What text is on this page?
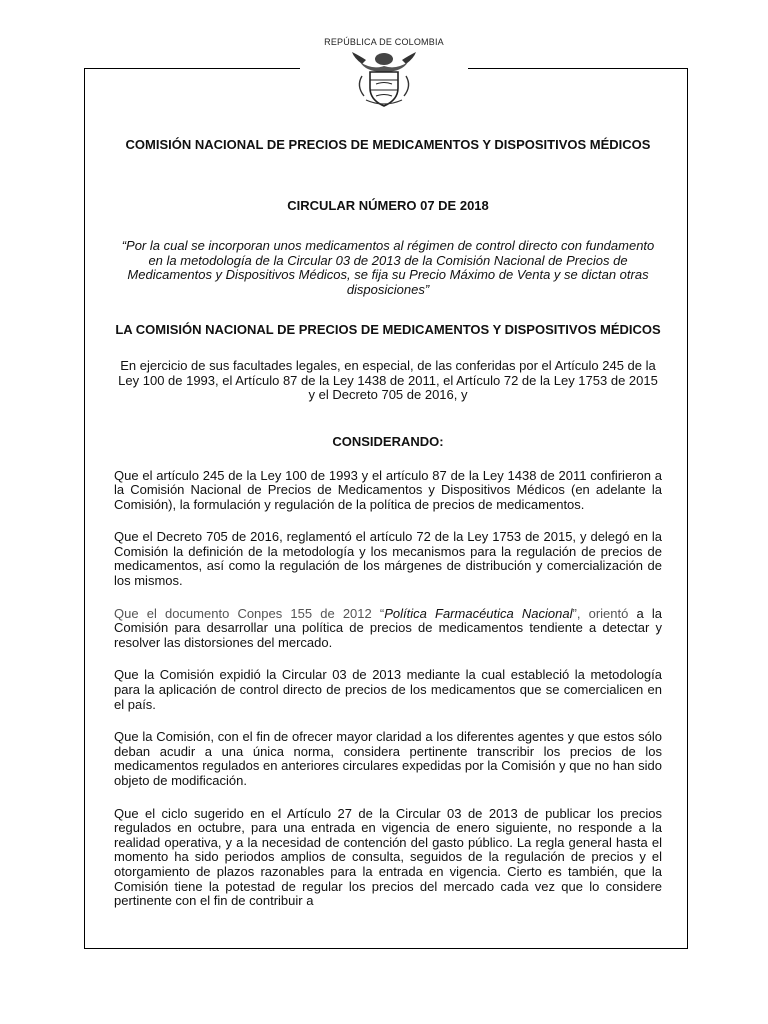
REPÚBLICA DE COLOMBIA
COMISIÓN NACIONAL DE PRECIOS DE MEDICAMENTOS Y DISPOSITIVOS MÉDICOS
CIRCULAR NÚMERO 07 DE 2018
“Por la cual se incorporan unos medicamentos al régimen de control directo con fundamento en la metodología de la Circular 03 de 2013 de la Comisión Nacional de Precios de Medicamentos y Dispositivos Médicos, se fija su Precio Máximo de Venta y se dictan otras disposiciones”
LA COMISIÓN NACIONAL DE PRECIOS DE MEDICAMENTOS Y DISPOSITIVOS MÉDICOS
En ejercicio de sus facultades legales, en especial, de las conferidas por el Artículo 245 de la Ley 100 de 1993, el Artículo 87 de la Ley 1438 de 2011, el Artículo 72 de la Ley 1753 de 2015 y el Decreto 705 de 2016, y
CONSIDERANDO:

Que el artículo 245 de la Ley 100 de 1993 y el artículo 87 de la Ley 1438 de 2011 confirieron a la Comisión Nacional de Precios de Medicamentos y Dispositivos Médicos (en adelante la Comisión), la formulación y regulación de la política de precios de medicamentos.

Que el Decreto 705 de 2016, reglamentó el artículo 72 de la Ley 1753 de 2015, y delegó en la Comisión la definición de la metodología y los mecanismos para la regulación de precios de medicamentos, así como la regulación de los márgenes de distribución y comercialización de los mismos.

Que el documento Conpes 155 de 2012 “Política Farmacéutica Nacional”, orientó a la Comisión para desarrollar una política de precios de medicamentos tendiente a detectar y resolver las distorsiones del mercado.

Que la Comisión expidió la Circular 03 de 2013 mediante la cual estableció la metodología para la aplicación de control directo de precios de los medicamentos que se comercialicen en el país.

Que la Comisión, con el fin de ofrecer mayor claridad a los diferentes agentes y que estos sólo deban acudir a una única norma, considera pertinente transcribir los precios de los medicamentos regulados en anteriores circulares expedidas por la Comisión y que no han sido objeto de modificación.

Que el ciclo sugerido en el Artículo 27 de la Circular 03 de 2013 de publicar los precios regulados en octubre, para una entrada en vigencia de enero siguiente, no responde a la realidad operativa, y a la necesidad de contención del gasto público. La regla general hasta el momento ha sido periodos amplios de consulta, seguidos de la regulación de precios y el otorgamiento de plazos razonables para la entrada en vigencia. Cierto es también, que la Comisión tiene la potestad de regular los precios del mercado cada vez que lo considere pertinente con el fin de contribuir a
